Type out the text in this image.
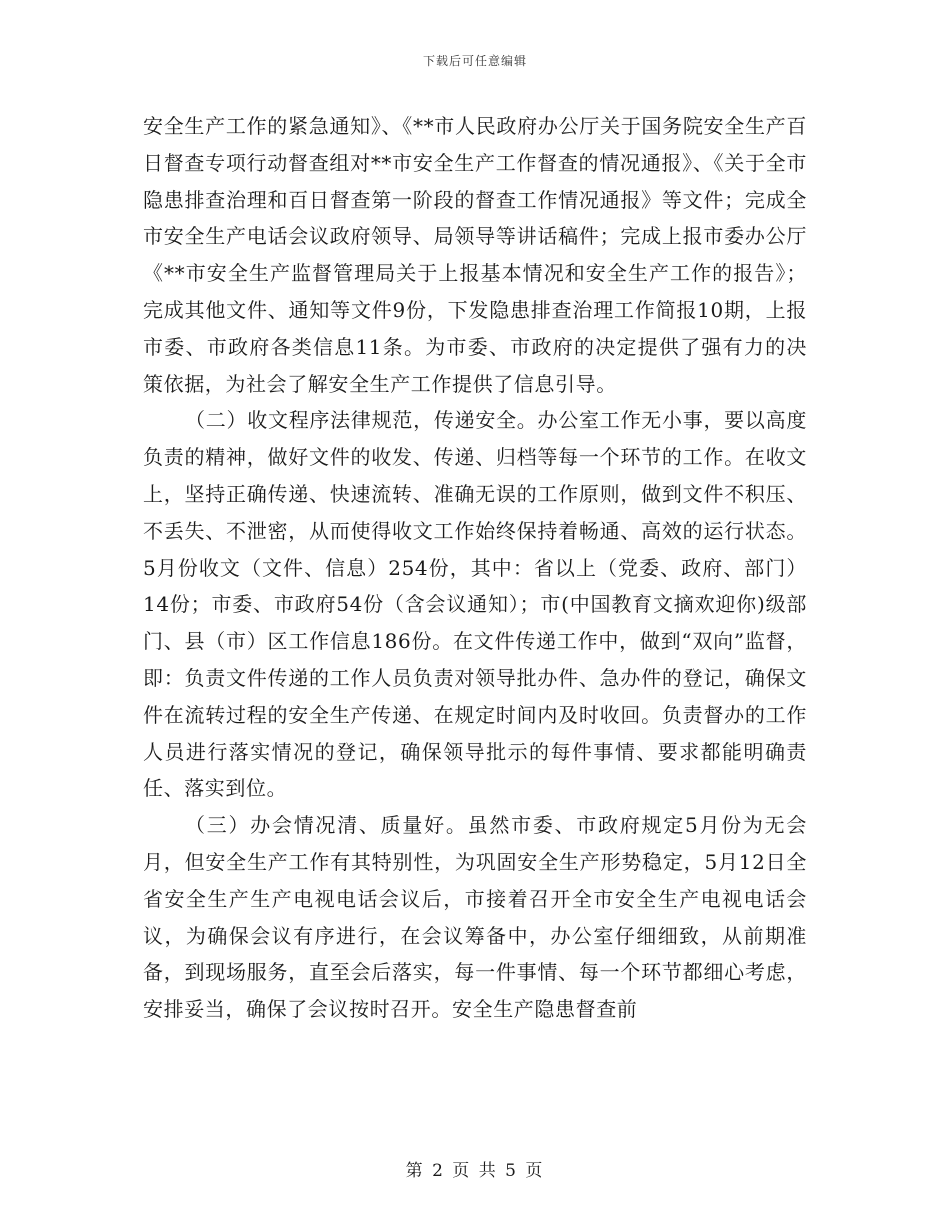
下载后可任意编辑

安全生产工作的紧急通知》、《**市人民政府办公厅关于国务院安全生产百日督查专项行动督查组对**市安全生产工作督查的情况通报》、《关于全市隐患排查治理和百日督查第一阶段的督查工作情况通报》等文件；完成全市安全生产电话会议政府领导、局领导等讲话稿件；完成上报市委办公厅《**市安全生产监督管理局关于上报基本情况和安全生产工作的报告》；完成其他文件、通知等文件9份，下发隐患排查治理工作简报10期，上报市委、市政府各类信息11条。为市委、市政府的决定提供了强有力的决策依据，为社会了解安全生产工作提供了信息引导。

（二）收文程序法律规范，传递安全。办公室工作无小事，要以高度负责的精神，做好文件的收发、传递、归档等每一个环节的工作。在收文上，坚持正确传递、快速流转、准确无误的工作原则，做到文件不积压、不丢失、不泄密，从而使得收文工作始终保持着畅通、高效的运行状态。5月份收文（文件、信息）254份，其中：省以上（党委、政府、部门）14份；市委、市政府54份（含会议通知）；市(中国教育文摘欢迎你)级部门、县（市）区工作信息186份。在文件传递工作中，做到“双向”监督，即：负责文件传递的工作人员负责对领导批办件、急办件的登记，确保文件在流转过程的安全生产传递、在规定时间内及时收回。负责督办的工作人员进行落实情况的登记，确保领导批示的每件事情、要求都能明确责任、落实到位。

（三）办会情况清、质量好。虽然市委、市政府规定5月份为无会月，但安全生产工作有其特别性，为巩固安全生产形势稳定，5月12日全省安全生产生产电视电话会议后，市接着召开全市安全生产电视电话会议，为确保会议有序进行，在会议筹备中，办公室仔细细致，从前期准备，到现场服务，直至会后落实，每一件事情、每一个环节都细心考虑，安排妥当，确保了会议按时召开。安全生产隐患督查前

第 2 页 共 5 页
